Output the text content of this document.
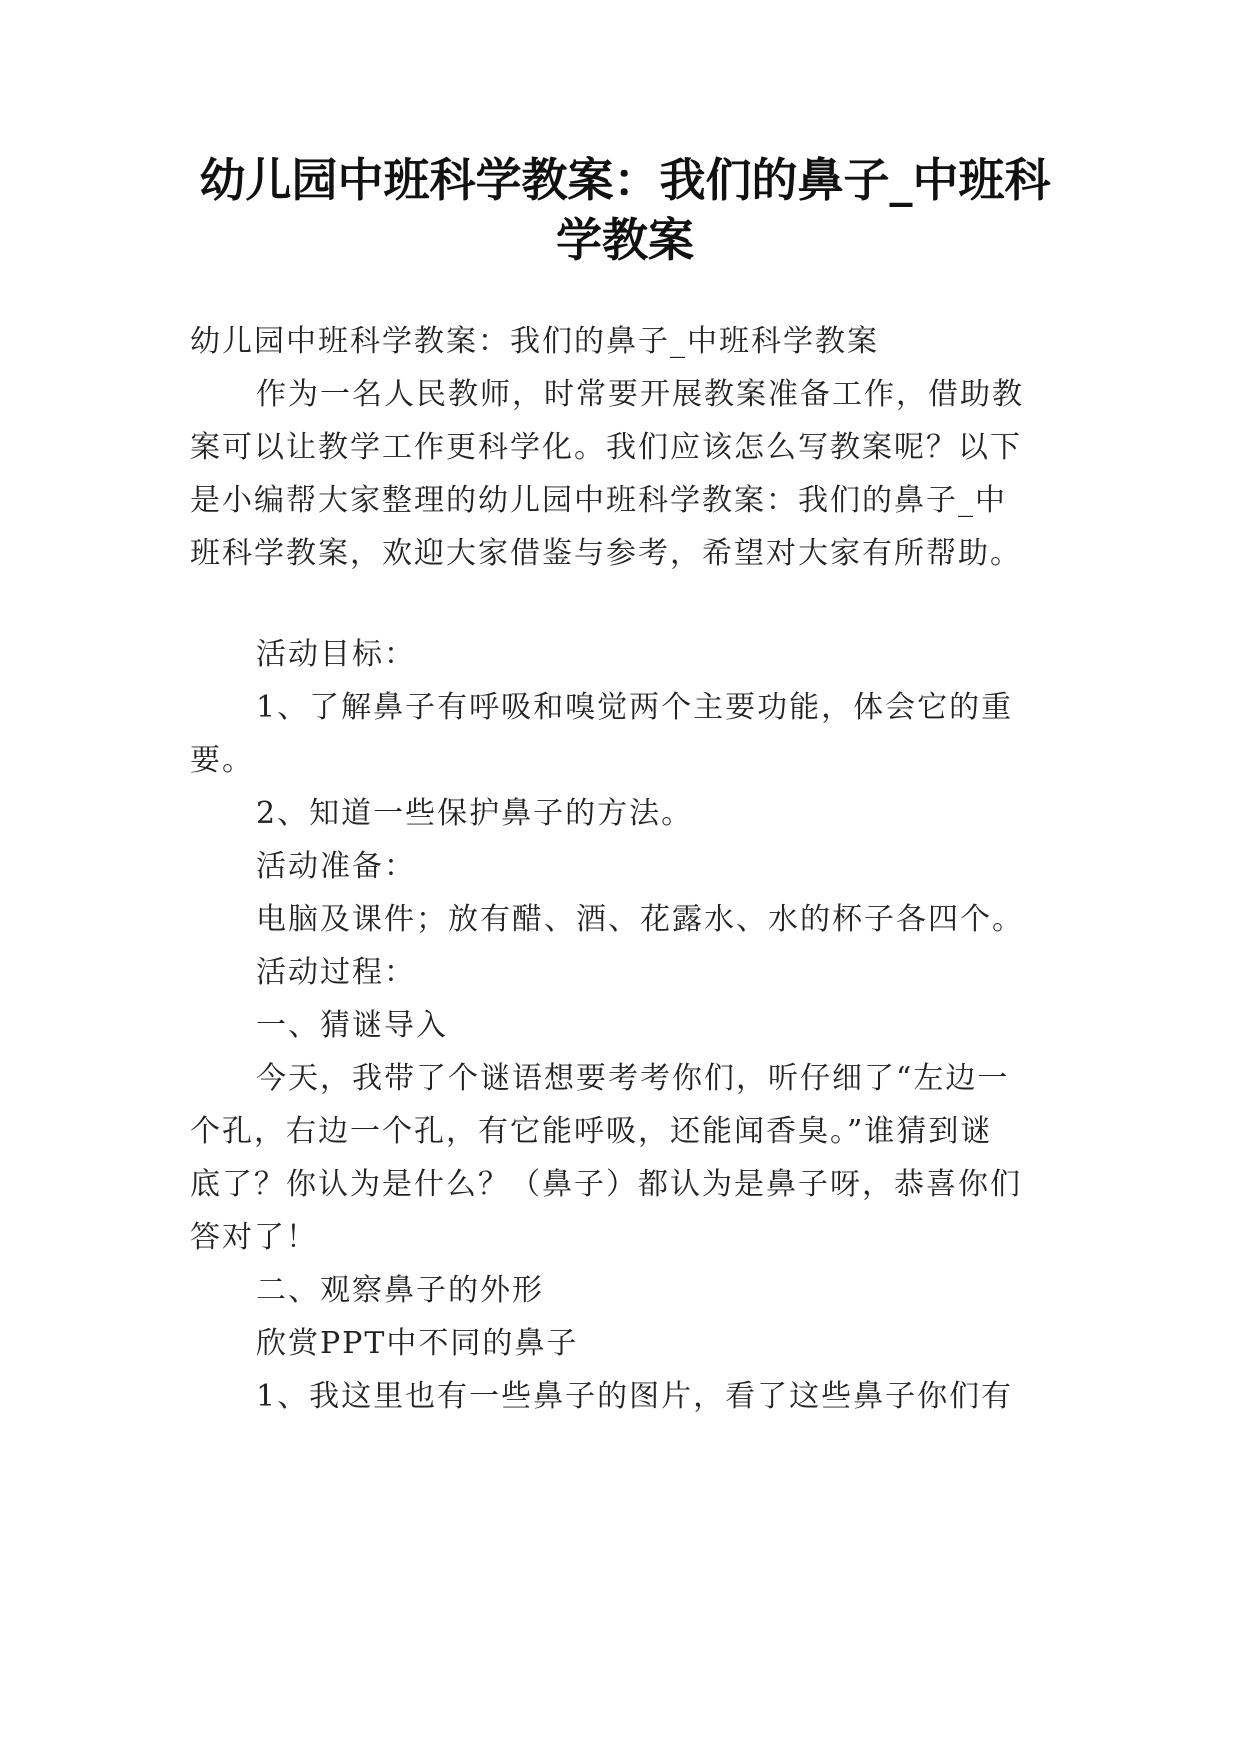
幼儿园中班科学教案：我们的鼻子_中班科
学教案
幼儿园中班科学教案：我们的鼻子_中班科学教案
作为一名人民教师，时常要开展教案准备工作，借助教
案可以让教学工作更科学化。我们应该怎么写教案呢？以下
是小编帮大家整理的幼儿园中班科学教案：我们的鼻子_中
班科学教案，欢迎大家借鉴与参考，希望对大家有所帮助。
活动目标：
1、了解鼻子有呼吸和嗅觉两个主要功能，体会它的重
要。
2、知道一些保护鼻子的方法。
活动准备：
电脑及课件；放有醋、酒、花露水、水的杯子各四个。
活动过程：
一、猜谜导入
今天，我带了个谜语想要考考你们，听仔细了“左边一
个孔，右边一个孔，有它能呼吸，还能闻香臭。”谁猜到谜
底了？你认为是什么？（鼻子）都认为是鼻子呀，恭喜你们
答对了！
二、观察鼻子的外形
欣赏PPT中不同的鼻子
1、我这里也有一些鼻子的图片，看了这些鼻子你们有
